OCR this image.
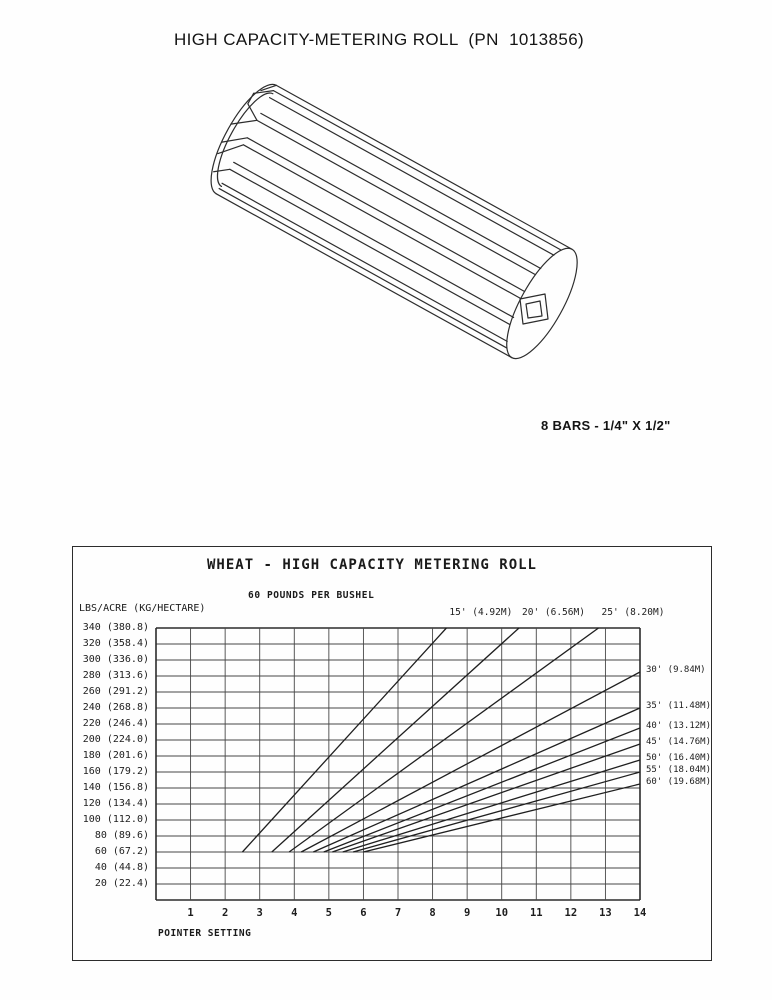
HIGH CAPACITY-METERING ROLL  (PN  1013856)
8 BARS - 1/4" X 1/2"
WHEAT - HIGH CAPACITY METERING ROLL
60 POUNDS PER BUSHEL
LBS/ACRE (KG/HECTARE)
POINTER SETTING
15' (4.92M) 20' (6.56M) 25' (8.20M)
30' (9.84M)
35' (11.48M)
40' (13.12M)
45' (14.76M)
50' (16.40M)
55' (18.04M)
60' (19.68M)
340 (380.8)
320 (358.4)
300 (336.0)
280 (313.6)
260 (291.2)
240 (268.8)
220 (246.4)
200 (224.0)
180 (201.6)
160 (179.2)
140 (156.8)
120 (134.4)
100 (112.0)
80 (89.6)
60 (67.2)
40 (44.8)
20 (22.4)
1	2	3	4	5	6	7	8	9 10 11 12 13 14
